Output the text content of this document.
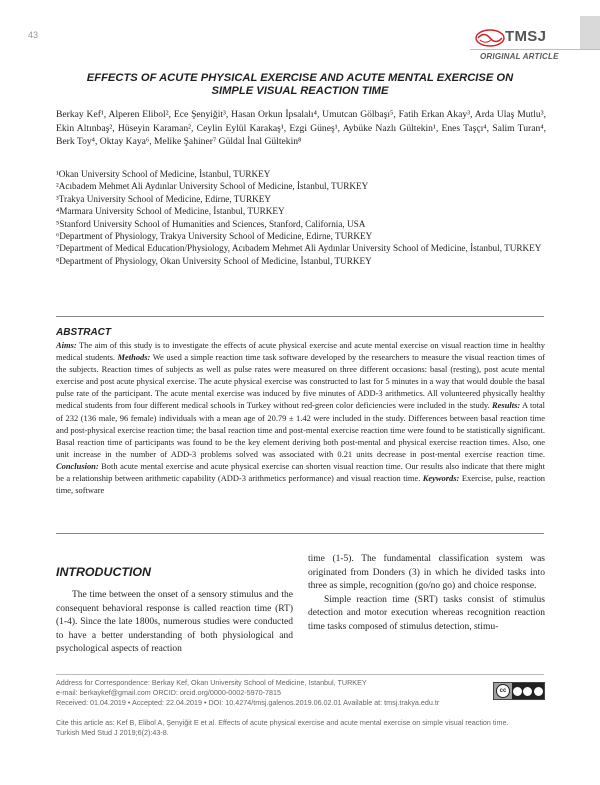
43	TMSJ
ORIGINAL ARTICLE
EFFECTS OF ACUTE PHYSICAL EXERCISE AND ACUTE MENTAL EXERCISE ON
SIMPLE VISUAL REACTION TIME
Berkay Kef¹, Alperen Elibol², Ece Şenyiğit³, Hasan Orkun İpsalalı⁴, Umutcan Gölbaşı⁵, Fatih Erkan Akay³, Arda Ulaş Mutlu³, Ekin Altınbaş², Hüseyin Karaman², Ceylin Eylül Karakaş¹, Ezgi Güneş¹, Aybüke Nazlı Gültekin¹, Enes Taşçı⁴, Salim Turan⁴, Berk Toy⁴, Oktay Kaya⁶, Melike Şahiner⁷ Güldal İnal Gültekin⁸
¹Okan University School of Medicine, İstanbul, TURKEY
²Acıbadem Mehmet Ali Aydınlar University School of Medicine, İstanbul, TURKEY
³Trakya University School of Medicine, Edirne, TURKEY
⁴Marmara University School of Medicine, İstanbul, TURKEY
⁵Stanford University School of Humanities and Sciences, Stanford, California, USA
⁶Department of Physiology, Trakya University School of Medicine, Edirne, TURKEY
⁷Department of Medical Education/Physiology, Acıbadem Mehmet Ali Aydınlar University School of Medicine, İstanbul, TURKEY
⁸Department of Physiology, Okan University School of Medicine, İstanbul, TURKEY
ABSTRACT
Aims: The aim of this study is to investigate the effects of acute physical exercise and acute mental exercise on visual reaction time in healthy medical students. Methods: We used a simple reaction time task software developed by the researchers to measure the visual reaction times of the subjects. Reaction times of subjects as well as pulse rates were measured on three different occasions: basal (resting), post acute mental exercise and post acute physical exercise. The acute physical exercise was constructed to last for 5 minutes in a way that would double the basal pulse rate of the participant. The acute mental exercise was induced by five minutes of ADD-3 arithmetics. All volunteered physically healthy medical students from four different medical schools in Turkey without red-green color deficiencies were included in the study. Results: A total of 232 (136 male, 96 female) individuals with a mean age of 20.79 ± 1.42 were included in the study. Differences between basal reaction time and post-physical exercise reaction time; the basal reaction time and post-mental exercise reaction time were found to be statistically significant. Basal reaction time of participants was found to be the key element deriving both post-mental and physical exercise reaction times. Also, one unit increase in the number of ADD-3 problems solved was associated with 0.21 units decrease in post-mental exercise reaction time. Conclusion: Both acute mental exercise and acute physical exercise can shorten visual reaction time. Our results also indicate that there might be a relationship between arithmetic capability (ADD-3 arithmetics performance) and visual reaction time. Keywords: Exercise, pulse, reaction time, software
INTRODUCTION

The time between the onset of a sensory stimulus and the consequent behavioral response is called reaction time (RT) (1-4). Since the late 1800s, numerous studies were conducted to have a better understanding of both physiological and psychological aspects of reaction

time (1-5). The fundamental classification system was originated from Donders (3) in which he divided tasks into three as simple, recognition (go/no go) and choice response.

Simple reaction time (SRT) tasks consist of stimulus detection and motor execution whereas recognition reaction time tasks composed of stimulus detection, stimu-

Address for Correspondence: Berkay Kef, Okan University School of Medicine, Istanbul, TURKEY
e-mail: berkaykef@gmail.com ORCID: orcid.org/0000-0002-5970-7815
Received: 01.04.2019 • Accepted: 22.04.2019 • DOI: 10.4274/tmsj.galenos.2019.06.02.01 Available at: tmsj.trakya.edu.tr
Cite this article as: Kef B, Elibol A, Şenyiğit E et al. Effects of acute physical exercise and acute mental exercise on simple visual reaction time.
Turkish Med Stud J 2019;6(2):43-8.
cc
